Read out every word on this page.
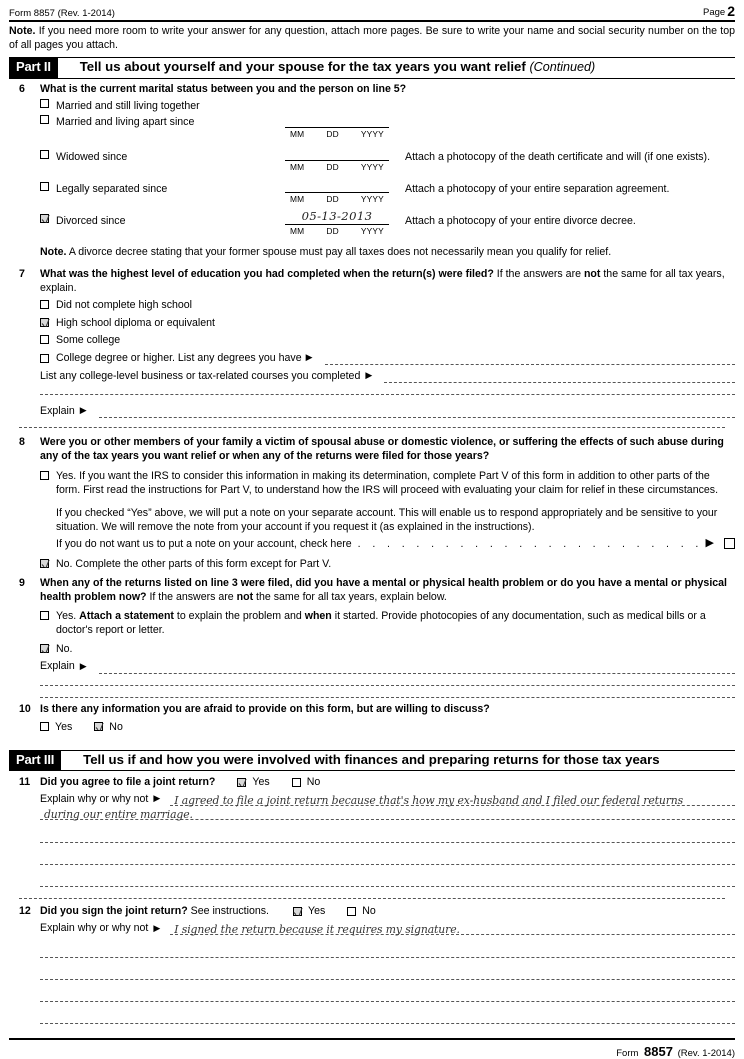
Form 8857 (Rev. 1-2014)	Page 2
Note. If you need more room to write your answer for any question, attach more pages. Be sure to write your name and social security number on the top of all pages you attach.
Part II	Tell us about yourself and your spouse for the tax years you want relief (Continued)
6	What is the current marital status between you and the person on line 5?
Married and still living together
Married and living apart since
MM	DD	YYYY
Widowed since
MM	DD	YYYY
Attach a photocopy of the death certificate and will (if one exists).
Legally separated since
MM	DD	YYYY
Attach a photocopy of your entire separation agreement.
Divorced since	05-13-2013
MM	DD	YYYY
Attach a photocopy of your entire divorce decree.
Note. A divorce decree stating that your former spouse must pay all taxes does not necessarily mean you qualify for relief.
7	What was the highest level of education you had completed when the return(s) were filed? If the answers are not the same for all tax years, explain.
Did not complete high school
High school diploma or equivalent
Some college
College degree or higher. List any degrees you have ▶
List any college-level business or tax-related courses you completed ▶
Explain ▶
8	Were you or other members of your family a victim of spousal abuse or domestic violence, or suffering the effects of such abuse during any of the tax years you want relief or when any of the returns were filed for those years?
Yes. If you want the IRS to consider this information in making its determination, complete Part V of this form in addition to other parts of the form. First read the instructions for Part V, to understand how the IRS will proceed with evaluating your claim for relief in these circumstances.
If you checked “Yes” above, we will put a note on your separate account. This will enable us to respond appropriately and be sensitive to your situation. We will remove the note from your account if you request it (as explained in the instructions).
If you do not want us to put a note on your account, check here . . . . . . . . . . . . . . . . . . . . . . . . ▶
No. Complete the other parts of this form except for Part V.
9	When any of the returns listed on line 3 were filed, did you have a mental or physical health problem or do you have a mental or physical health problem now? If the answers are not the same for all tax years, explain below.
Yes. Attach a statement to explain the problem and when it started. Provide photocopies of any documentation, such as medical bills or a doctor's report or letter.
No.
Explain ▶
10 Is there any information you are afraid to provide on this form, but are willing to discuss?
Yes	No
Part III	Tell us if and how you were involved with finances and preparing returns for those tax years
11 Did you agree to file a joint return?	Yes	No
Explain why or why not ▶	I agreed to file a joint return because that's how my ex-husband and I filed our federal returns
during our entire marriage.
12 Did you sign the joint return? See instructions.	Yes	No
Explain why or why not ▶	I signed the return because it requires my signature.
Form 8857 (Rev. 1-2014)
